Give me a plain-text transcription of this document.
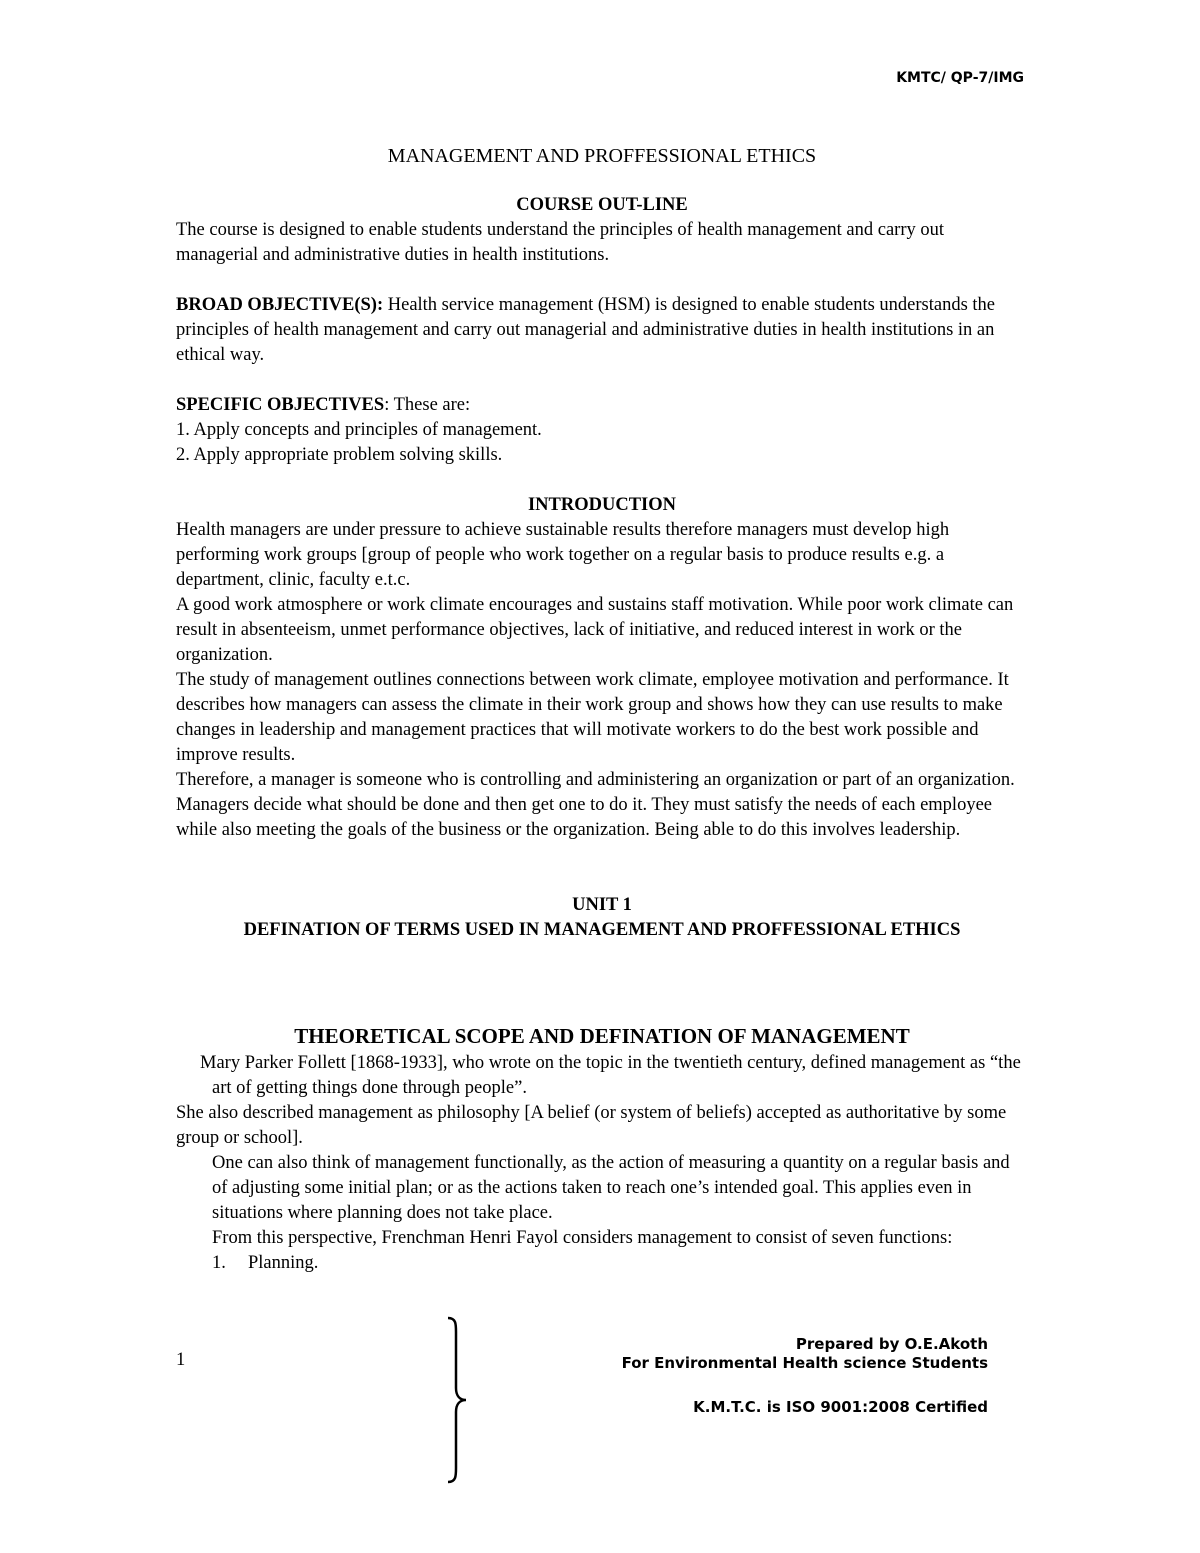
KMTC/ QP-7/IMG
MANAGEMENT AND PROFFESSIONAL ETHICS
COURSE OUT-LINE

The course is designed to enable students understand the principles of health management and carry out managerial and administrative duties in health institutions.

BROAD OBJECTIVE(S): Health service management (HSM) is designed to enable students understands the principles of health management and carry out managerial and administrative duties in health institutions in an ethical way.

SPECIFIC OBJECTIVES: These are:

1. Apply concepts and principles of management.

2. Apply appropriate problem solving skills.

INTRODUCTION

Health managers are under pressure to achieve sustainable results therefore managers must develop high performing work groups [group of people who work together on a regular basis to produce results e.g. a department, clinic, faculty e.t.c.

A good work atmosphere or work climate encourages and sustains staff motivation. While poor work climate can result in absenteeism, unmet performance objectives, lack of initiative, and reduced interest in work or the organization.

The study of management outlines connections between work climate, employee motivation and performance. It describes how managers can assess the climate in their work group and shows how they can use results to make changes in leadership and management practices that will motivate workers to do the best work possible and improve results.

Therefore, a manager is someone who is controlling and administering an organization or part of an organization. Managers decide what should be done and then get one to do it. They must satisfy the needs of each employee while also meeting the goals of the business or the organization. Being able to do this involves leadership.

UNIT 1
DEFINATION OF TERMS USED IN MANAGEMENT AND PROFFESSIONAL ETHICS
THEORETICAL SCOPE AND DEFINATION OF MANAGEMENT

Mary Parker Follett [1868-1933], who wrote on the topic in the twentieth century, defined management as “the art of getting things done through people”.

She also described management as philosophy [A belief (or system of beliefs) accepted as authoritative by some group or school].

One can also think of management functionally, as the action of measuring a quantity on a regular basis and of adjusting some initial plan; or as the actions taken to reach one’s intended goal. This applies even in situations where planning does not take place.

From this perspective, Frenchman Henri Fayol considers management to consist of seven functions:

1. Planning.

1
Prepared by O.E.Akoth
For Environmental Health science Students
K.M.T.C. is ISO 9001:2008 Certified
